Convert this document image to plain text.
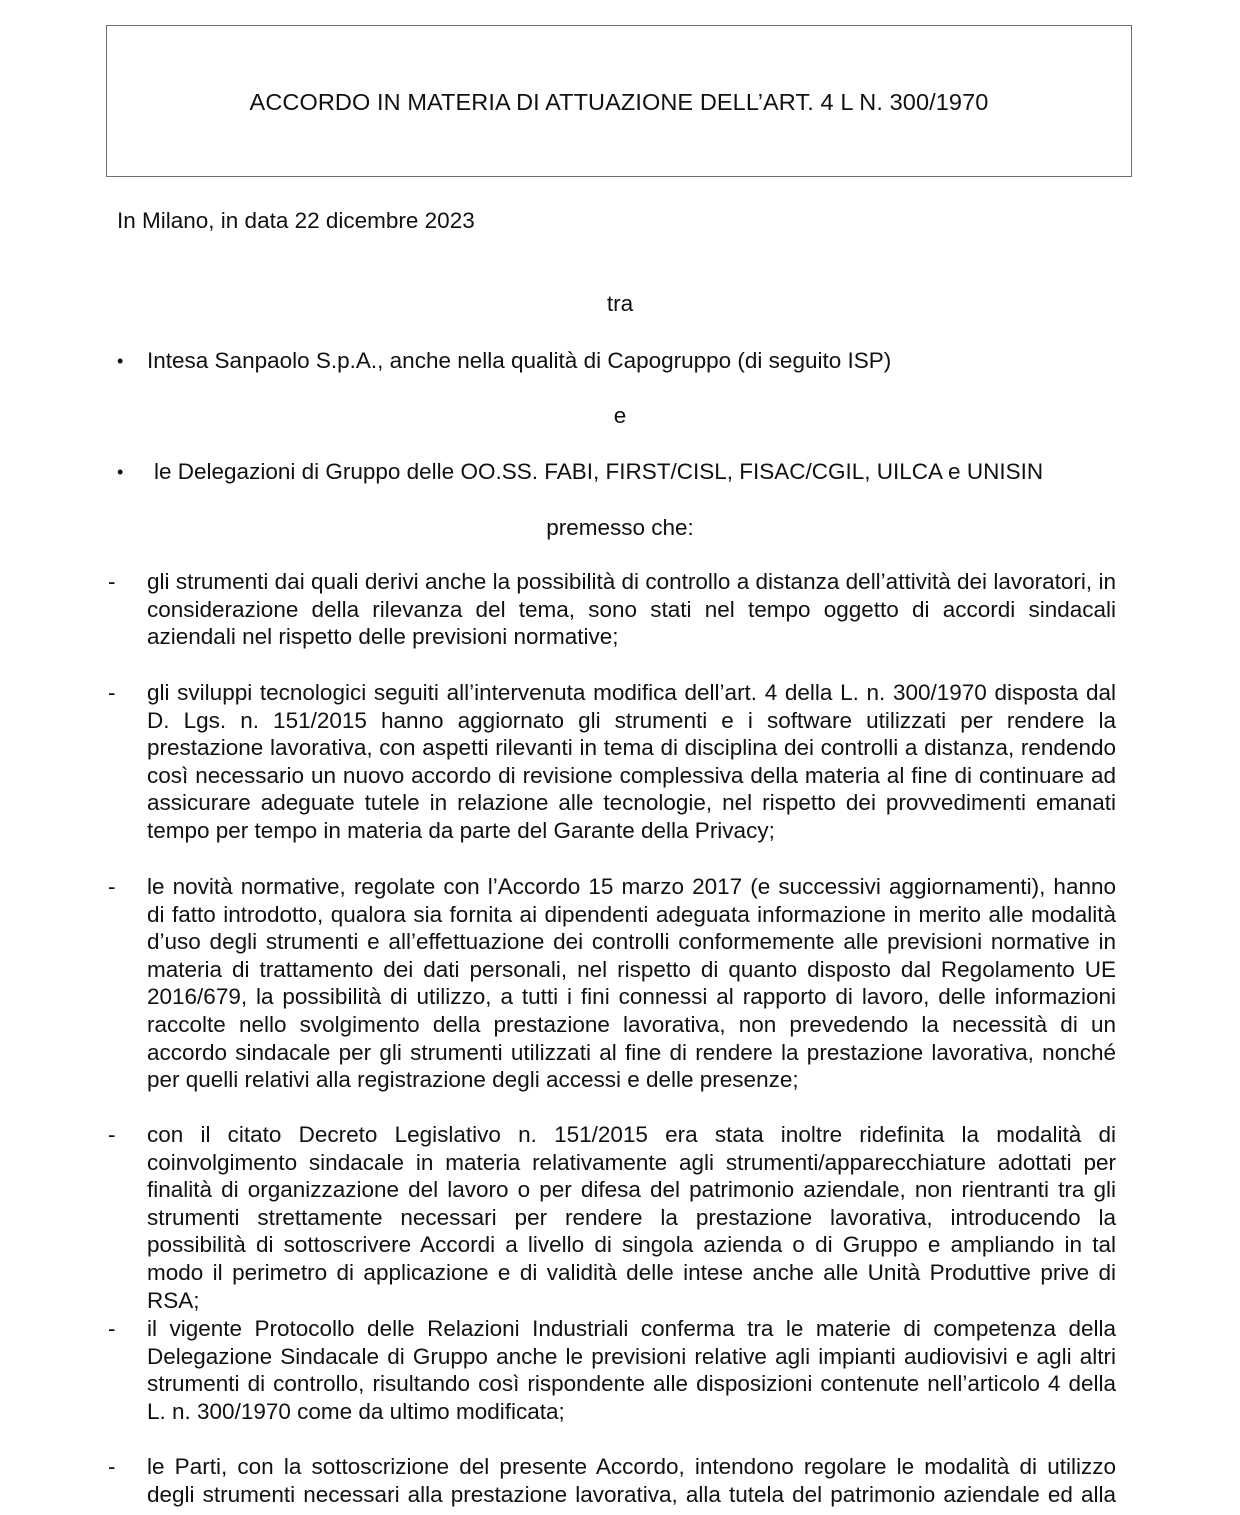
ACCORDO IN MATERIA DI ATTUAZIONE DELL’ART. 4 L N. 300/1970
In Milano, in data 22 dicembre 2023
tra
•	Intesa Sanpaolo S.p.A., anche nella qualità di Capogruppo (di seguito ISP)
e
•	le Delegazioni di Gruppo delle OO.SS. FABI, FIRST/CISL, FISAC/CGIL, UILCA e UNISIN
premesso che:
-	gli strumenti dai quali derivi anche la possibilità di controllo a distanza dell’attività dei lavoratori, in considerazione della rilevanza del tema, sono stati nel tempo oggetto di accordi sindacali aziendali nel rispetto delle previsioni normative;
-	gli sviluppi tecnologici seguiti all’intervenuta modifica dell’art. 4 della L. n. 300/1970 disposta dal D. Lgs. n. 151/2015 hanno aggiornato gli strumenti e i software utilizzati per rendere la prestazione lavorativa, con aspetti rilevanti in tema di disciplina dei controlli a distanza, rendendo così necessario un nuovo accordo di revisione complessiva della materia al fine di continuare ad assicurare adeguate tutele in relazione alle tecnologie, nel rispetto dei provvedimenti emanati tempo per tempo in materia da parte del Garante della Privacy;
-	le novità normative, regolate con l’Accordo 15 marzo 2017 (e successivi aggiornamenti), hanno di fatto introdotto, qualora sia fornita ai dipendenti adeguata informazione in merito alle modalità d’uso degli strumenti e all’effettuazione dei controlli conformemente alle previsioni normative in materia di trattamento dei dati personali, nel rispetto di quanto disposto dal Regolamento UE 2016/679, la possibilità di utilizzo, a tutti i fini connessi al rapporto di lavoro, delle informazioni raccolte nello svolgimento della prestazione lavorativa, non prevedendo la necessità di un accordo sindacale per gli strumenti utilizzati al fine di rendere la prestazione lavorativa, nonché per quelli relativi alla registrazione degli accessi e delle presenze;
-	con il citato Decreto Legislativo n. 151/2015 era stata inoltre ridefinita la modalità di coinvolgimento sindacale in materia relativamente agli strumenti/apparecchiature adottati per finalità di organizzazione del lavoro o per difesa del patrimonio aziendale, non rientranti tra gli strumenti strettamente necessari per rendere la prestazione lavorativa, introducendo la possibilità di sottoscrivere Accordi a livello di singola azienda o di Gruppo e ampliando in tal modo il perimetro di applicazione e di validità delle intese anche alle Unità Produttive prive di RSA;
-	il vigente Protocollo delle Relazioni Industriali conferma tra le materie di competenza della Delegazione Sindacale di Gruppo anche le previsioni relative agli impianti audiovisivi e agli altri strumenti di controllo, risultando così rispondente alle disposizioni contenute nell’articolo 4 della L. n. 300/1970 come da ultimo modificata;
-	le Parti, con la sottoscrizione del presente Accordo, intendono regolare le modalità di utilizzo degli strumenti necessari alla prestazione lavorativa, alla tutela del patrimonio aziendale ed alla
